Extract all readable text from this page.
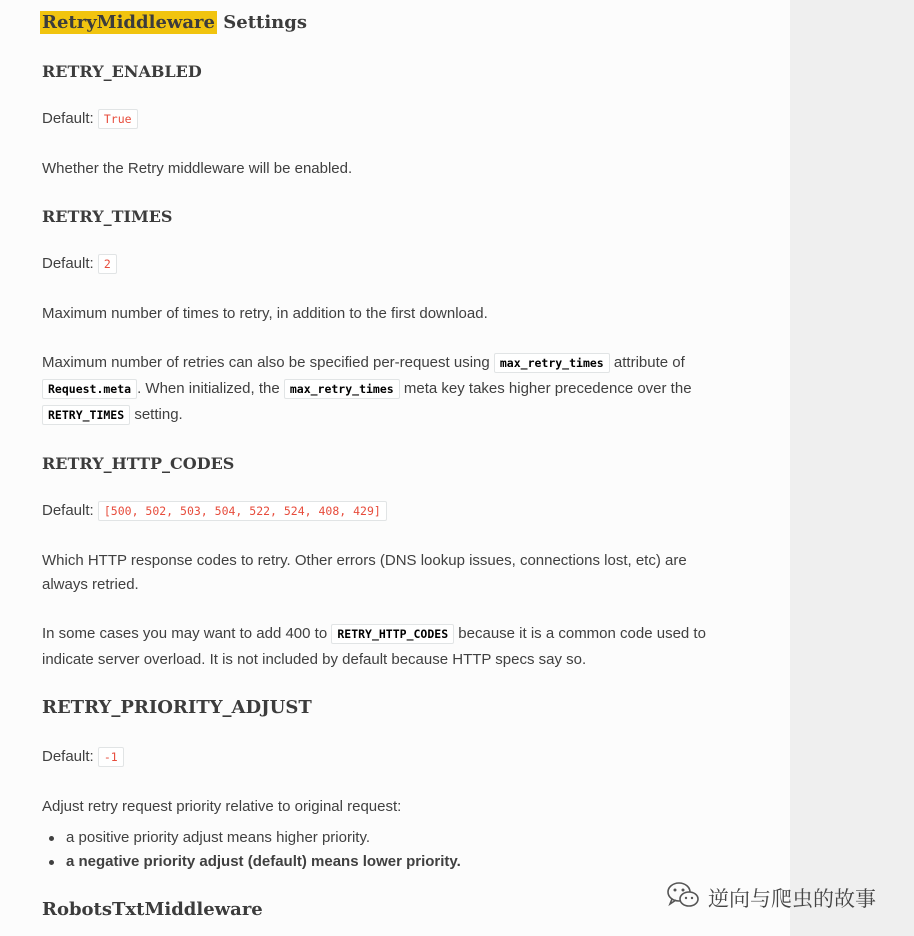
RetryMiddleware Settings
RETRY_ENABLED
Default: True
Whether the Retry middleware will be enabled.
RETRY_TIMES
Default: 2
Maximum number of times to retry, in addition to the first download.
Maximum number of retries can also be specified per-request using max_retry_times attribute of
Request.meta . When initialized, the max_retry_times meta key takes higher precedence over the
RETRY_TIMES setting.
RETRY_HTTP_CODES
Default: [500, 502, 503, 504, 522, 524, 408, 429]
Which HTTP response codes to retry. Other errors (DNS lookup issues, connections lost, etc) are
always retried.
In some cases you may want to add 400 to RETRY_HTTP_CODES because it is a common code used to
indicate server overload. It is not included by default because HTTP specs say so.
RETRY_PRIORITY_ADJUST
Default: -1
Adjust retry request priority relative to original request:
a positive priority adjust means higher priority.
a negative priority adjust (default) means lower priority.
RobotsTxtMiddleware	逆向与爬虫的故事
